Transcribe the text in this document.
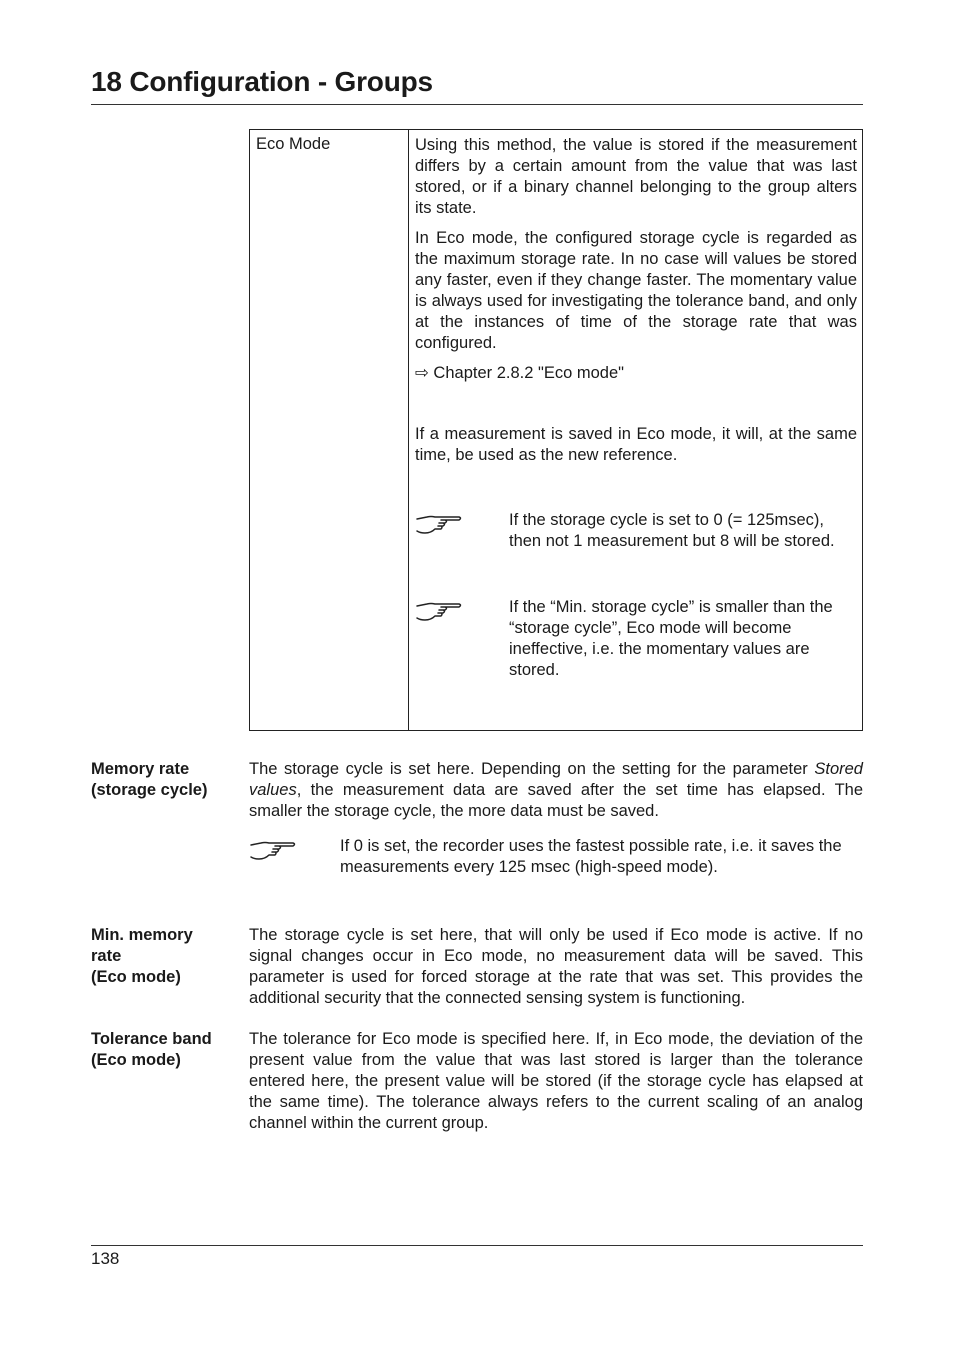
18 Configuration - Groups
Eco Mode	Using this method, the value is stored if the measurement differs by a certain amount from the value that was last stored, or if a binary channel belonging to the group alters its state.

In Eco mode, the configured storage cycle is regarded as the maximum storage rate. In no case will values be stored any faster, even if they change faster. The momentary value is always used for investigating the tolerance band, and only at the instances of time of the storage rate that was configured.

⇨ Chapter 2.8.2 "Eco mode"

If a measurement is saved in Eco mode, it will, at the same time, be used as the new reference.

If the storage cycle is set to 0 (= 125msec), then not 1 measurement but 8 will be stored.
If the “Min. storage cycle” is smaller than the “storage cycle”, Eco mode will become ineffective, i.e. the momentary values are stored.
Memory rate
(storage cycle)
The storage cycle is set here. Depending on the setting for the parameter Stored values, the measurement data are saved after the set time has elapsed. The smaller the storage cycle, the more data must be saved.
If 0 is set, the recorder uses the fastest possible rate, i.e. it saves the measurements every 125 msec (high-speed mode).
Min. memory
rate
(Eco mode)
The storage cycle is set here, that will only be used if Eco mode is active. If no signal changes occur in Eco mode, no measurement data will be saved. This parameter is used for forced storage at the rate that was set. This provides the additional security that the connected sensing system is functioning.
Tolerance band
(Eco mode)
The tolerance for Eco mode is specified here. If, in Eco mode, the deviation of the present value from the value that was last stored is larger than the tolerance entered here, the present value will be stored (if the storage cycle has elapsed at the same time). The tolerance always refers to the current scaling of an analog channel within the current group.
138
